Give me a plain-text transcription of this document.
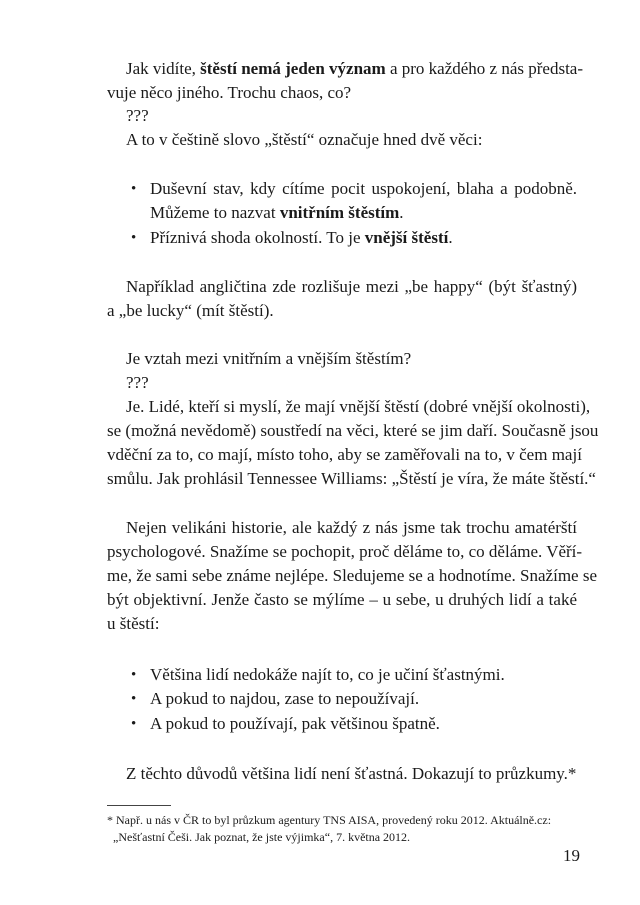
Jak vidíte, štěstí nemá jeden význam a pro každého z nás předsta-
vuje něco jiného. Trochu chaos, co?
???
A to v češtině slovo „štěstí“ označuje hned dvě věci:
• Duševní stav, kdy cítíme pocit uspokojení, blaha a podobně.
Můžeme to nazvat vnitřním štěstím.
• Příznivá shoda okolností. To je vnější štěstí.
Například angličtina zde rozlišuje mezi „be happy“ (být šťastný)
a „be lucky“ (mít štěstí).
Je vztah mezi vnitřním a vnějším štěstím?
???
Je. Lidé, kteří si myslí, že mají vnější štěstí (dobré vnější okolnosti),
se (možná nevědomě) soustředí na věci, které se jim daří. Současně jsou
vděční za to, co mají, místo toho, aby se zaměřovali na to, v čem mají
smůlu. Jak prohlásil Tennessee Williams: „Štěstí je víra, že máte štěstí.“
Nejen velikáni historie, ale každý z nás jsme tak trochu amatérští
psychologové. Snažíme se pochopit, proč děláme to, co děláme. Věří-
me, že sami sebe známe nejlépe. Sledujeme se a hodnotíme. Snažíme se
být objektivní. Jenže často se mýlíme – u sebe, u druhých lidí a také
u štěstí:
• Většina lidí nedokáže najít to, co je učiní šťastnými.
• A pokud to najdou, zase to nepoužívají.
• A pokud to používají, pak většinou špatně.
Z těchto důvodů většina lidí není šťastná. Dokazují to průzkumy.*
* Např. u nás v ČR to byl průzkum agentury TNS AISA, provedený roku 2012. Aktuálně.cz:
„Nešťastní Češi. Jak poznat, že jste výjimka“, 7. května 2012.
19
